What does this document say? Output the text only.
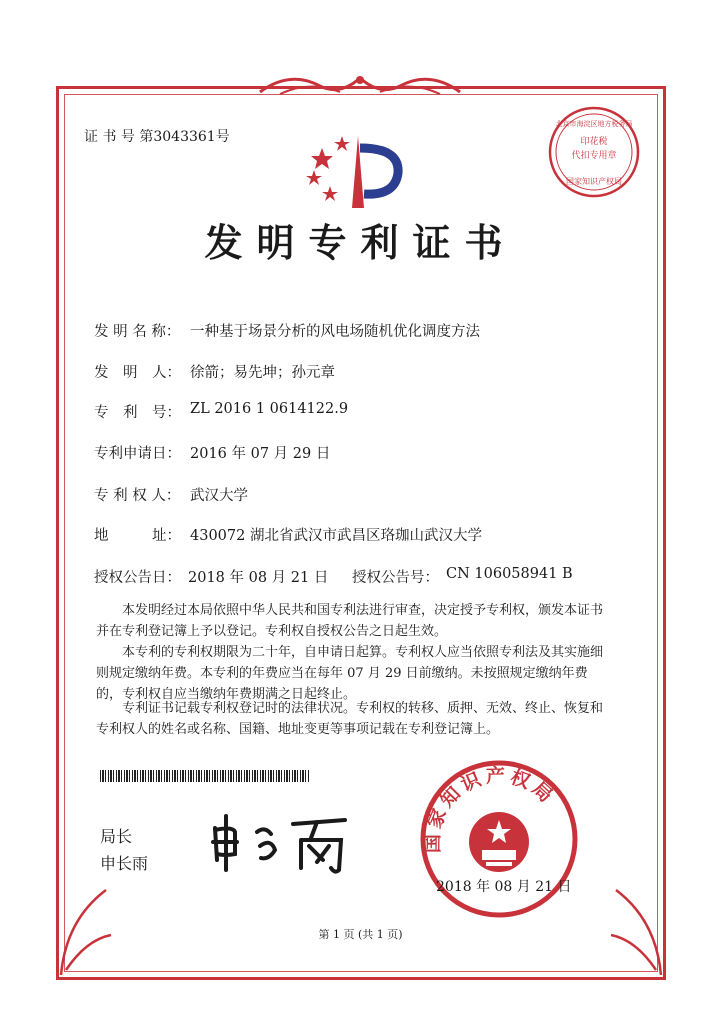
证 书 号 第3043361号	印花税
代扣专用章
北京市海淀区地方税务局
国家知识产权局
发明专利证书
发 明 名 称： 一种基于场景分析的风电场随机优化调度方法
发　明　人： 徐箭；易先坤；孙元章
专　利　号： ZL 2016 1 0614122.9
专利申请日： 2016 年 07 月 29 日
专 利 权 人： 武汉大学
地　　　址： 430072 湖北省武汉市武昌区珞珈山武汉大学
授权公告日： 2018 年 08 月 21 日 授权公告号： CN 106058941 B
本发明经过本局依照中华人民共和国专利法进行审查，决定授予专利权，颁发本证书并在专利登记簿上予以登记。专利权自授权公告之日起生效。
本专利的专利权期限为二十年，自申请日起算。专利权人应当依照专利法及其实施细则规定缴纳年费。本专利的年费应当在每年 07 月 29 日前缴纳。未按照规定缴纳年费的，专利权自应当缴纳年费期满之日起终止。
专利证书记载专利权登记时的法律状况。专利权的转移、质押、无效、终止、恢复和专利权人的姓名或名称、国籍、地址变更等事项记载在专利登记簿上。
局长
申长雨
国家知识产权局
2018 年 08 月 21 日
第 1 页 (共 1 页)
